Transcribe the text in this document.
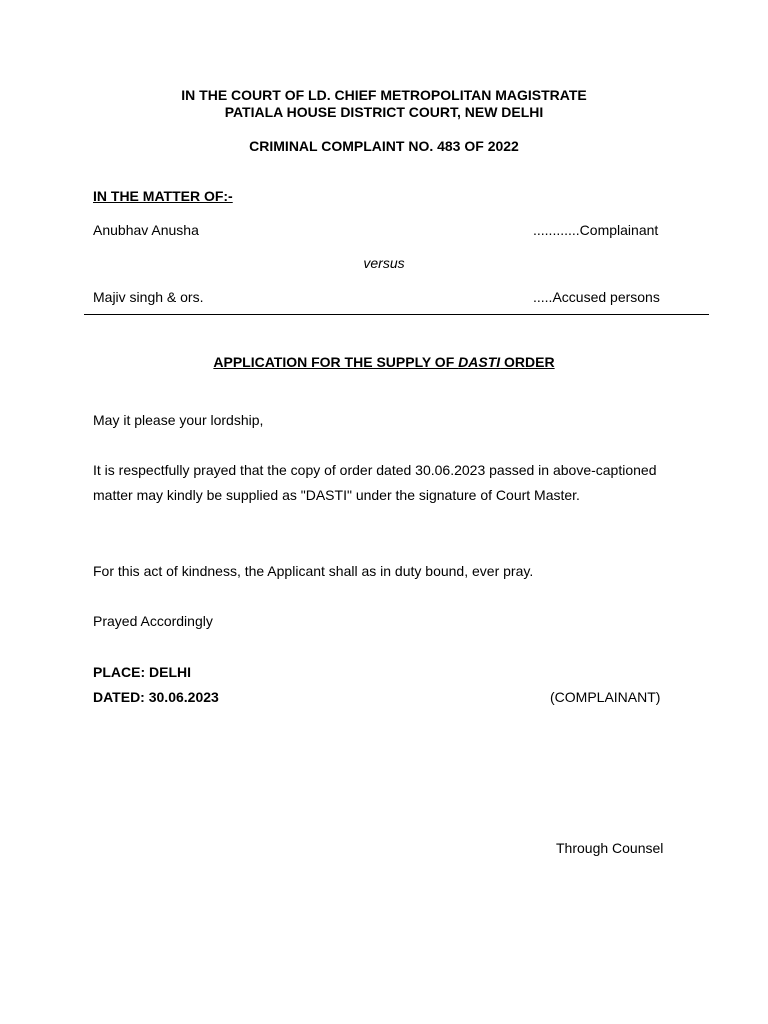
IN THE COURT OF LD. CHIEF METROPOLITAN MAGISTRATE
PATIALA HOUSE DISTRICT COURT, NEW DELHI
CRIMINAL COMPLAINT NO. 483 OF 2022
IN THE MATTER OF:-
Anubhav Anusha	............Complainant
versus
Majiv singh & ors.	.....Accused persons
APPLICATION FOR THE SUPPLY OF DASTI ORDER
May it please your lordship,
It is respectfully prayed that the copy of order dated 30.06.2023 passed in above-captioned matter may kindly be supplied as "DASTI" under the signature of Court Master.
For this act of kindness, the Applicant shall as in duty bound, ever pray.
Prayed Accordingly
PLACE: DELHI
DATED: 30.06.2023	(COMPLAINANT)
Through Counsel
